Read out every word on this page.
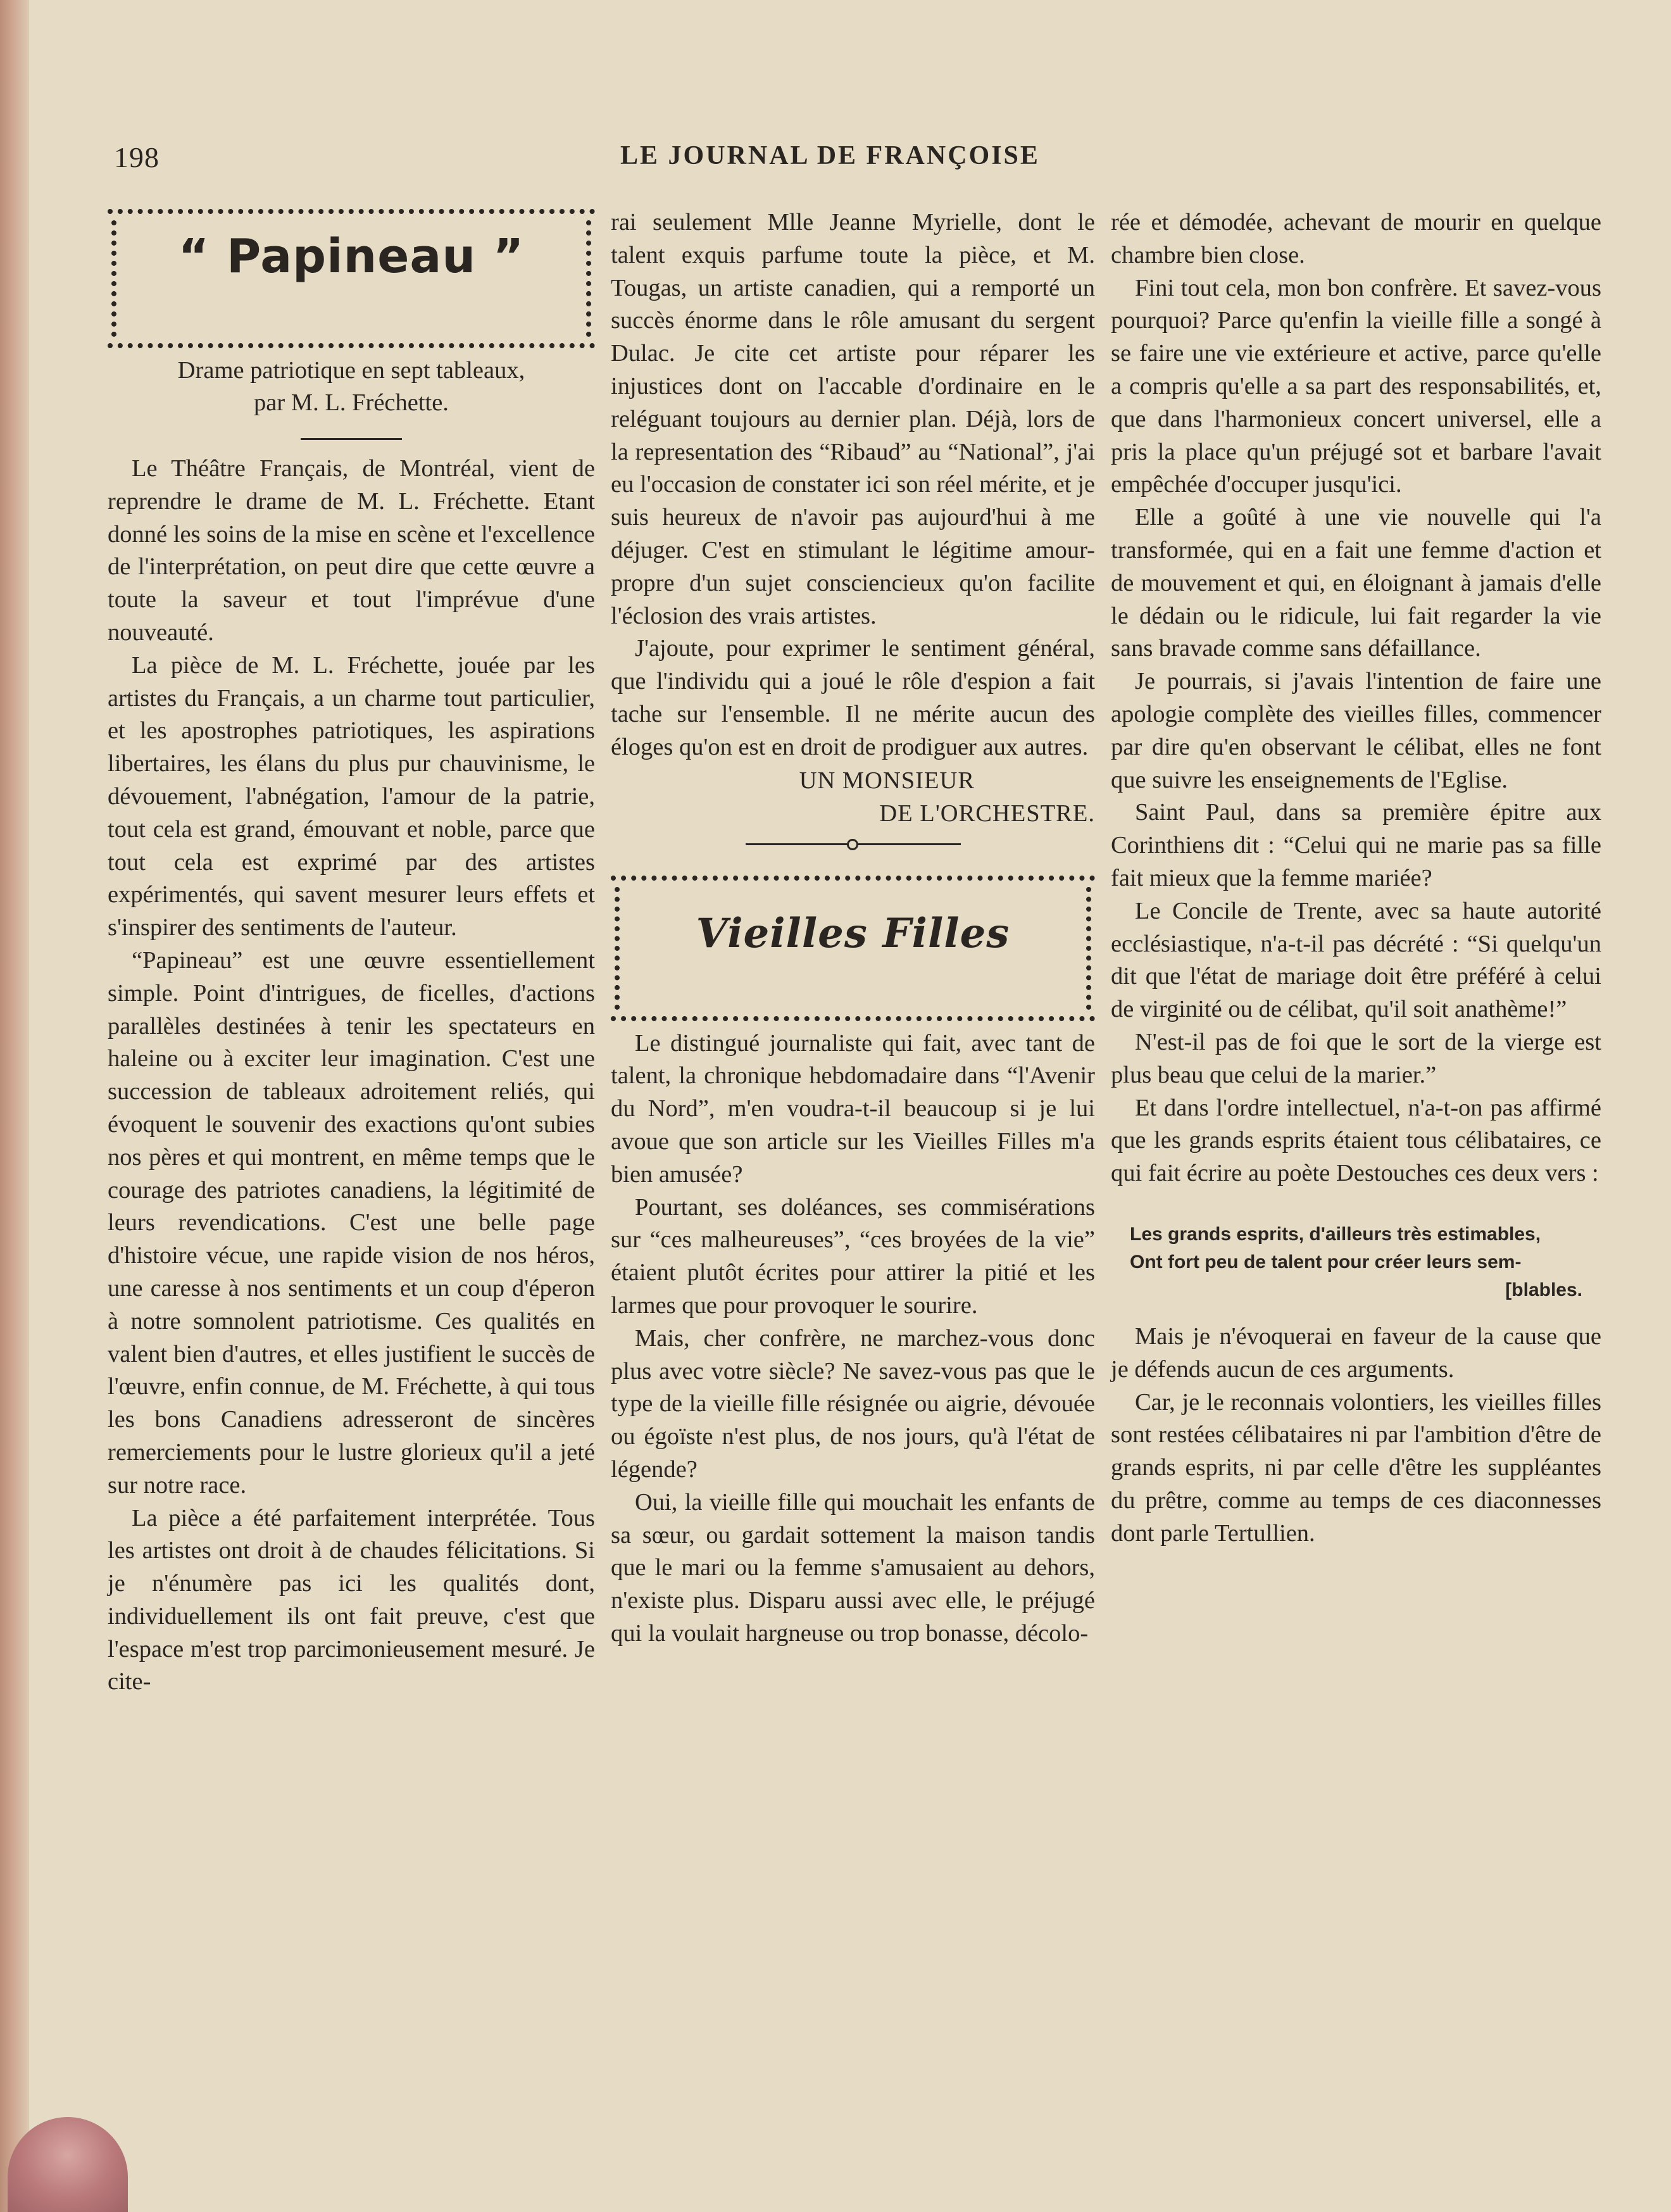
198	LE JOURNAL DE FRANÇOISE
“ Papineau ”
Drame patriotique en sept tableaux,
par M. L. Fréchette.

Le Théâtre Français, de Montréal, vient de reprendre le drame de M. L. Fréchette. Etant donné les soins de la mise en scène et l'excellence de l'interprétation, on peut dire que cette œuvre a toute la saveur et tout l'imprévue d'une nouveauté.

La pièce de M. L. Fréchette, jouée par les artistes du Français, a un charme tout particulier, et les apostrophes patriotiques, les aspirations libertaires, les élans du plus pur chauvinisme, le dévouement, l'abnégation, l'amour de la patrie, tout cela est grand, émouvant et noble, parce que tout cela est exprimé par des artistes expérimentés, qui savent mesurer leurs effets et s'inspirer des sentiments de l'auteur.

“Papineau” est une œuvre essentiellement simple. Point d'intrigues, de ficelles, d'actions parallèles destinées à tenir les spectateurs en haleine ou à exciter leur imagination. C'est une succession de tableaux adroitement reliés, qui évoquent le souvenir des exactions qu'ont subies nos pères et qui montrent, en même temps que le courage des patriotes canadiens, la légitimité de leurs revendications. C'est une belle page d'histoire vécue, une rapide vision de nos héros, une caresse à nos sentiments et un coup d'éperon à notre somnolent patriotisme. Ces qualités en valent bien d'autres, et elles justifient le succès de l'œuvre, enfin connue, de M. Fréchette, à qui tous les bons Canadiens adresseront de sincères remerciements pour le lustre glorieux qu'il a jeté sur notre race.

La pièce a été parfaitement interprétée. Tous les artistes ont droit à de chaudes félicitations. Si je n'énumère pas ici les qualités dont, individuellement ils ont fait preuve, c'est que l'espace m'est trop parcimonieusement mesuré. Je cite-

rai seulement Mlle Jeanne Myrielle, dont le talent exquis parfume toute la pièce, et M. Tougas, un artiste canadien, qui a remporté un succès énorme dans le rôle amusant du sergent Dulac. Je cite cet artiste pour réparer les injustices dont on l'accable d'ordinaire en le reléguant toujours au dernier plan. Déjà, lors de la representation des “Ribaud” au “National”, j'ai eu l'occasion de constater ici son réel mérite, et je suis heureux de n'avoir pas aujourd'hui à me déjuger. C'est en stimulant le légitime amour-propre d'un sujet consciencieux qu'on facilite l'éclosion des vrais artistes.

J'ajoute, pour exprimer le sentiment général, que l'individu qui a joué le rôle d'espion a fait tache sur l'ensemble. Il ne mérite aucun des éloges qu'on est en droit de prodiguer aux autres.

UN MONSIEUR
DE L'ORCHESTRE.
Vieilles Filles

Le distingué journaliste qui fait, avec tant de talent, la chronique hebdomadaire dans “l'Avenir du Nord”, m'en voudra-t-il beaucoup si je lui avoue que son article sur les Vieilles Filles m'a bien amusée?

Pourtant, ses doléances, ses commisérations sur “ces malheureuses”, “ces broyées de la vie” étaient plutôt écrites pour attirer la pitié et les larmes que pour provoquer le sourire.

Mais, cher confrère, ne marchez-vous donc plus avec votre siècle? Ne savez-vous pas que le type de la vieille fille résignée ou aigrie, dévouée ou égoïste n'est plus, de nos jours, qu'à l'état de légende?

Oui, la vieille fille qui mouchait les enfants de sa sœur, ou gardait sottement la maison tandis que le mari ou la femme s'amusaient au dehors, n'existe plus. Disparu aussi avec elle, le préjugé qui la voulait hargneuse ou trop bonasse, décolo-

rée et démodée, achevant de mourir en quelque chambre bien close.

Fini tout cela, mon bon confrère. Et savez-vous pourquoi? Parce qu'enfin la vieille fille a songé à se faire une vie extérieure et active, parce qu'elle a compris qu'elle a sa part des responsabilités, et, que dans l'harmonieux concert universel, elle a pris la place qu'un préjugé sot et barbare l'avait empêchée d'occuper jusqu'ici.

Elle a goûté à une vie nouvelle qui l'a transformée, qui en a fait une femme d'action et de mouvement et qui, en éloignant à jamais d'elle le dédain ou le ridicule, lui fait regarder la vie sans bravade comme sans défaillance.

Je pourrais, si j'avais l'intention de faire une apologie complète des vieilles filles, commencer par dire qu'en observant le célibat, elles ne font que suivre les enseignements de l'Eglise.

Saint Paul, dans sa première épitre aux Corinthiens dit : “Celui qui ne marie pas sa fille fait mieux que la femme mariée?

Le Concile de Trente, avec sa haute autorité ecclésiastique, n'a-t-il pas décrété : “Si quelqu'un dit que l'état de mariage doit être préféré à celui de virginité ou de célibat, qu'il soit anathème!”

N'est-il pas de foi que le sort de la vierge est plus beau que celui de la marier.”

Et dans l'ordre intellectuel, n'a-t-on pas affirmé que les grands esprits étaient tous célibataires, ce qui fait écrire au poète Destouches ces deux vers :

Les grands esprits, d'ailleurs très estimables,
Ont fort peu de talent pour créer leurs sem-
[blables.

Mais je n'évoquerai en faveur de la cause que je défends aucun de ces arguments.

Car, je le reconnais volontiers, les vieilles filles sont restées célibataires ni par l'ambition d'être de grands esprits, ni par celle d'être les suppléantes du prêtre, comme au temps de ces diaconnesses dont parle Tertullien.
